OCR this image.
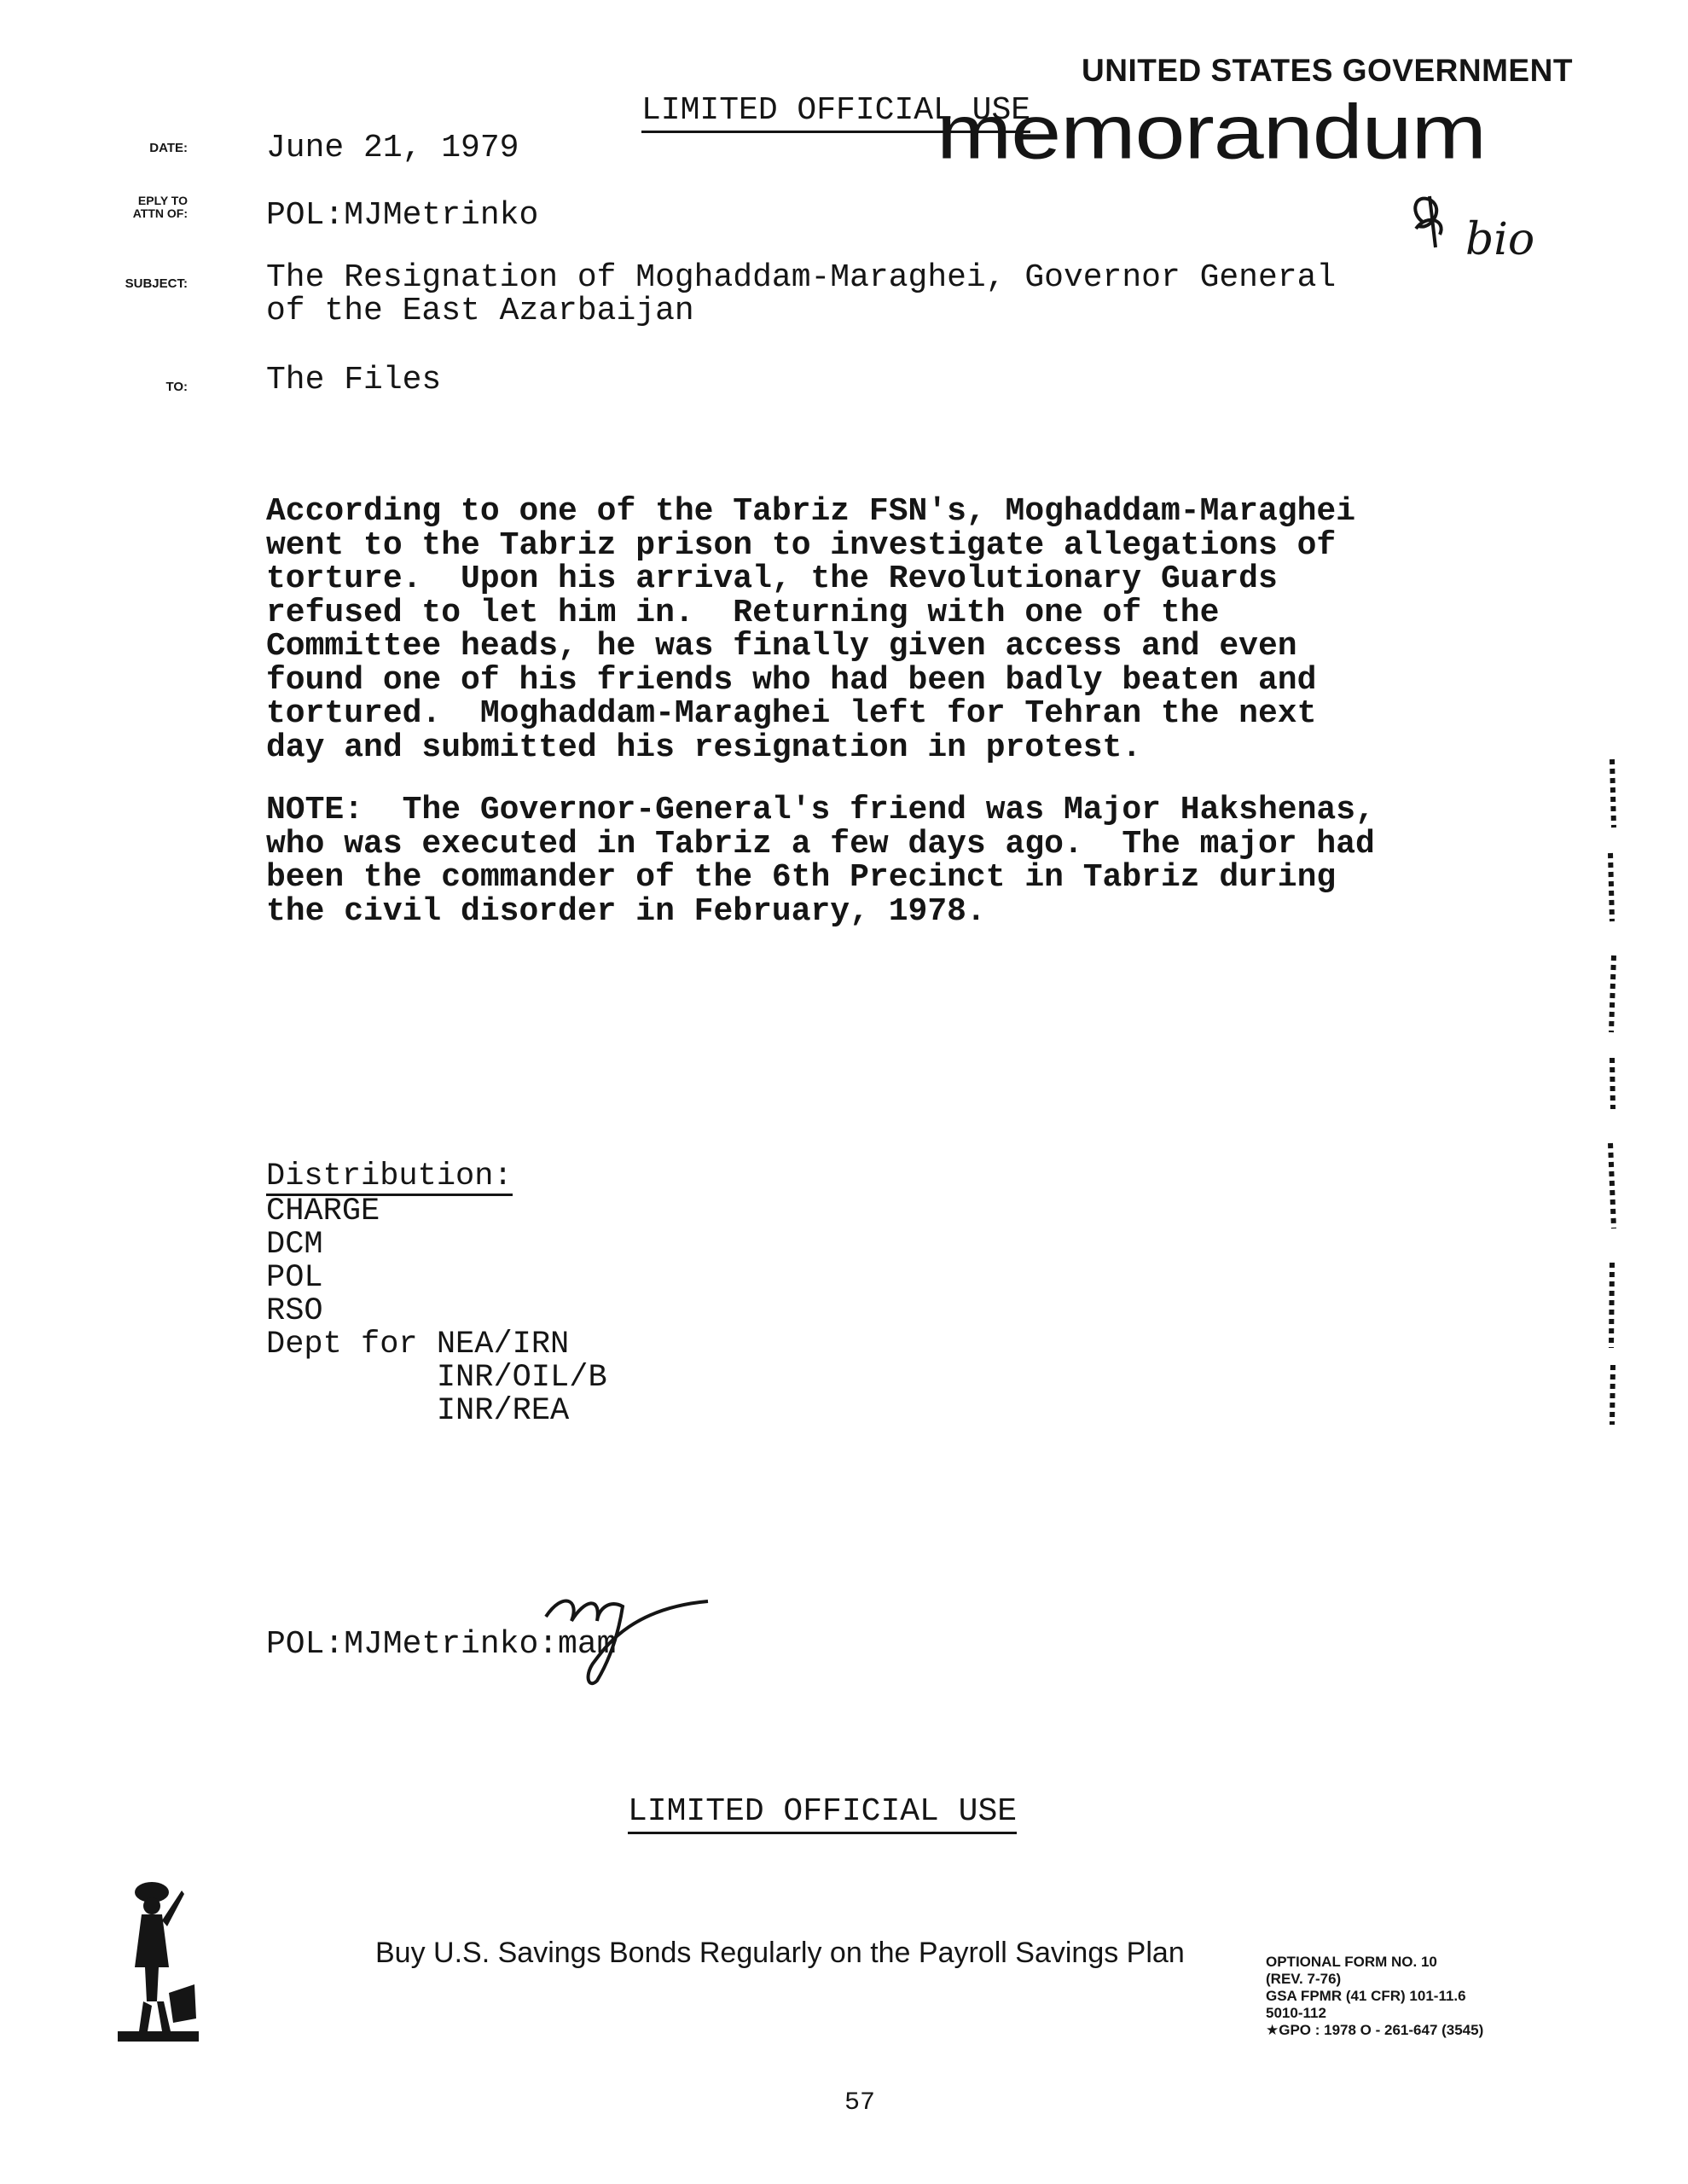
UNITED STATES GOVERNMENT
LIMITED OFFICIAL USE
memorandum
bio
DATE:
EPLY TO
ATTN OF:
SUBJECT:
TO:
June 21, 1979
POL:MJMetrinko
The Resignation of Moghaddam-Maraghei, Governor General
of the East Azarbaijan
The Files
According to one of the Tabriz FSN's, Moghaddam-Maraghei
went to the Tabriz prison to investigate allegations of
torture.  Upon his arrival, the Revolutionary Guards
refused to let him in.  Returning with one of the
Committee heads, he was finally given access and even
found one of his friends who had been badly beaten and
tortured.  Moghaddam-Maraghei left for Tehran the next
day and submitted his resignation in protest.
NOTE:  The Governor-General's friend was Major Hakshenas,
who was executed in Tabriz a few days ago.  The major had
been the commander of the 6th Precinct in Tabriz during
the civil disorder in February, 1978.
Distribution:
CHARGE
DCM
POL
RSO
Dept for NEA/IRN
INR/OIL/B
INR/REA
POL:MJMetrinko:mam
LIMITED OFFICIAL USE
Buy U.S. Savings Bonds Regularly on the Payroll Savings Plan	OPTIONAL FORM NO. 10
(REV. 7-76)
GSA FPMR (41 CFR) 101-11.6
5010-112
★GPO : 1978 O - 261-647 (3545)
57
